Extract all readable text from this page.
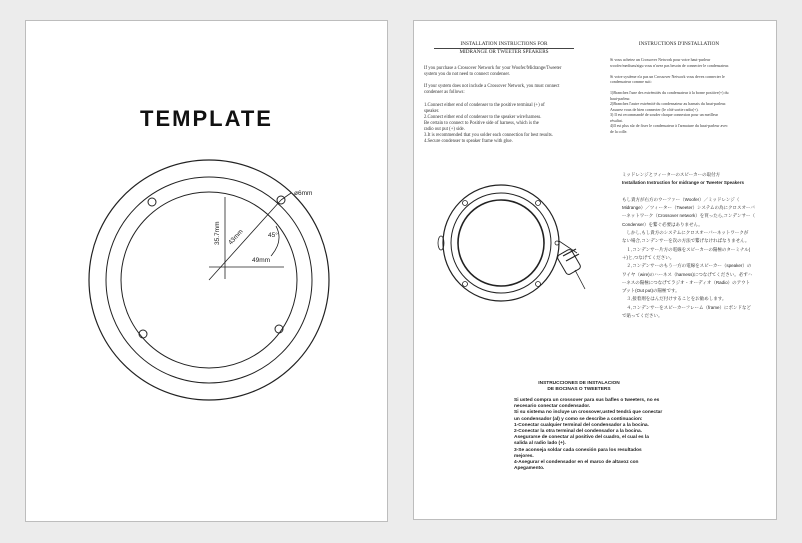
TEMPLATE
ø6mm
35.7mm 43mm	45°
49mm
INSTALLATION INSTRUCTIONS FOR
MIDRANGE OR TWEETER SPEAKERS

If you purchase a Crossover Network for your Woofer/Midrange/Tweeter

system you do not need to connect condenser.

If your system does not include a Crossover Network, you must connect

condenser as follows:

1.Connect either end of condenser to the positive terminal (+) of

speaker.

2.Connect either end of condenser to the speaker wire/harness.

Be certain to connect to Positive side of harness, which is the

radio out put (+) side.

3.It is recommended that you solder each connection for best results.

4.Secure condenser to speaker frame with glue.

INSTRUCTIONS D'INSTALLATION

Si vous achetez un Crossover Network pour votre haut-parleur

woofer/medium/aigu vous n'avez pas besoin de connecter le condensateur.

Si votre système n'a pas un Crossover Network vous devez connecter le

condensateur comme suit:

1)Branchez l'une des extrémités du condensateur à la borne positive(+) du

haut-parleur.

2)Branchez l'autre extrémité du condensateur au harnais du haut-parleur.

Assurez vous de bien connecter (le côté sortie radio(+).

3) Il est recommandé de souder chaque connexion pour un meilleur

résultat.

4)Il est plus sûr de fixer le condensateur à l'armature du haut-parleur avec

de la colle.

ミッドレンジとツィーターのスピーカーの取付方

Installation Instruction for midrange or Tweeter Speakers

もし貴方が右方のウーファー（Woofer）／ミッドレンジ（

Midrange）／ツィーター（Tweeter）システムの為にクロスオーバ

ーネットワーク（Crossover network）を買ったら,コンデンサー（

Condenser）を繋ぐ必要はありません。

　しかし,もし貴方のシステムにクロスオーバーネットワークが

ない場合,コンデンサーを次の方法で繋げなければなりません。

　１,コンデンサー片方の電線をスピーカーの陽極のターミナル(

＋)と,つなげてください。

　２,コンデンサーのもう一方の電線をスピーカー（speaker）の

ワイヤ（wire)のハーネス（harness)につなげてください。必ずハ

ーネスの陽極につなげてラジオ・オーディオ（Radio）のアウト

プット(Out put)の陽極です。

　３,接着剤をはんだ付けすることをお勧めします。

　４,コンデンサーをスピーカーフレーム（frame）にボンドなど

で貼ってください。

INSTRUCCIONES DE INSTALACION

DE BOCINAS O TWEETERS

Si usted compra un crossover para sus bafles o tweeters, no es

necesario conectar condensador.

Si su sistema no incluye un crossover,usted tendrá que conectar

un condensador (al) y como se describe a continuacion:

1-Conectar cualquier terminal del condensador a la bocina.

2-Conectar la otra terminal del condensador a la bocina.

Asegurarse de conectar al positivo del cuadro, el cual es la

salida al radio lado (+).

3-Se aconseja soldar cada conexión para los resultados

mejores.

4-Asegurar el condensador en el marco de altavoz con

Apegamento.
